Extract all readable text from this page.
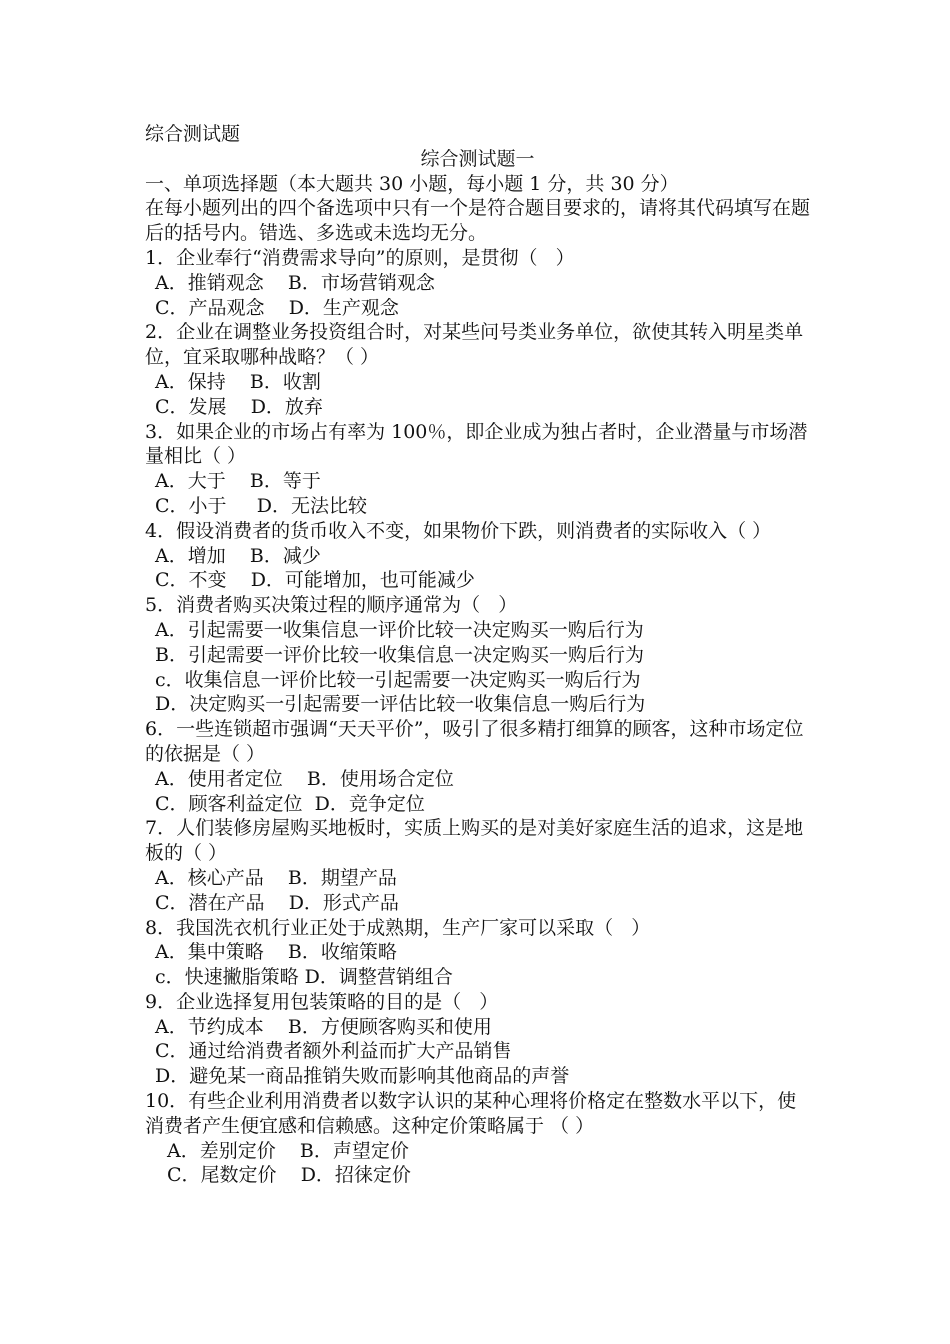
综合测试题
综合测试题一
一、单项选择题（本大题共 30 小题，每小题 1 分，共 30 分）
在每小题列出的四个备选项中只有一个是符合题目要求的，请将其代码填写在题后的括号内。错选、多选或未选均无分。
1．企业奉行“消费需求导向”的原则，是贯彻（   ）
A．推销观念    B．市场营销观念
C．产品观念    D．生产观念
2．企业在调整业务投资组合时，对某些问号类业务单位，欲使其转入明星类单位，宜采取哪种战略？（ ）
A．保持    B．收割
C．发展    D．放弃
3．如果企业的市场占有率为 100％，即企业成为独占者时，企业潜量与市场潜量相比（ ）
A．大于    B．等于
C．小于     D．无法比较
4．假设消费者的货币收入不变，如果物价下跌，则消费者的实际收入（ ）
A．增加    B．减少
C．不变    D．可能增加，也可能减少
5．消费者购买决策过程的顺序通常为（   ）
A．引起需要一收集信息一评价比较一决定购买一购后行为
B．引起需要一评价比较一收集信息一决定购买一购后行为
c．收集信息一评价比较一引起需要一决定购买一购后行为
D．决定购买一引起需要一评估比较一收集信息一购后行为
6．一些连锁超市强调“天天平价”，吸引了很多精打细算的顾客，这种市场定位的依据是（ ）
A．使用者定位    B．使用场合定位
C．顾客利益定位  D．竞争定位
7．人们装修房屋购买地板时，实质上购买的是对美好家庭生活的追求，这是地板的（ ）
A．核心产品    B．期望产品
C．潜在产品    D．形式产品
8．我国洗衣机行业正处于成熟期，生产厂家可以采取（   ）
A．集中策略    B．收缩策略
c．快速撇脂策略 D．调整营销组合
9．企业选择复用包装策略的目的是（   ）
A．节约成本    B．方便顾客购买和使用
C．通过给消费者额外利益而扩大产品销售
D．避免某一商品推销失败而影响其他商品的声誉
10．有些企业利用消费者以数字认识的某种心理将价格定在整数水平以下，使消费者产生便宜感和信赖感。这种定价策略属于 （ ）
A．差别定价    B．声望定价
C．尾数定价    D．招徕定价
